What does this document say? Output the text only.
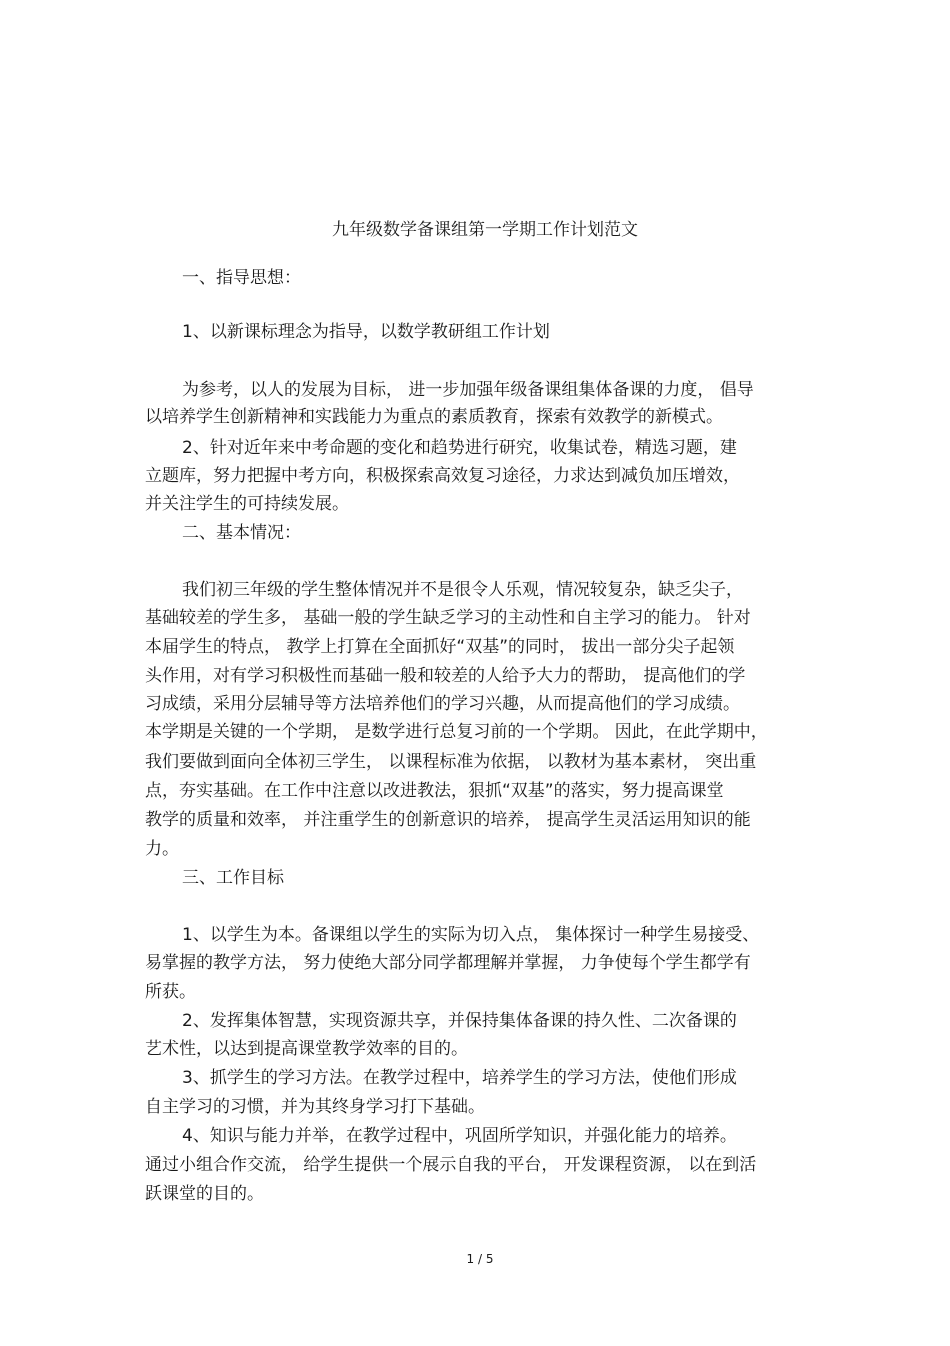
九年级数学备课组第一学期工作计划范文
一、指导思想：
1、以新课标理念为指导，以数学教研组工作计划
为参考，以人的发展为目标， 进一步加强年级备课组集体备课的力度， 倡导
以培养学生创新精神和实践能力为重点的素质教育，探索有效教学的新模式。
2、针对近年来中考命题的变化和趋势进行研究，收集试卷，精选习题，建
立题库，努力把握中考方向，积极探索高效复习途径，力求达到减负加压增效，
并关注学生的可持续发展。
二、基本情况：
我们初三年级的学生整体情况并不是很令人乐观，情况较复杂，缺乏尖子，
基础较差的学生多， 基础一般的学生缺乏学习的主动性和自主学习的能力。 针对
本届学生的特点， 教学上打算在全面抓好“双基”的同时， 拔出一部分尖子起领
头作用，对有学习积极性而基础一般和较差的人给予大力的帮助， 提高他们的学
习成绩，采用分层辅导等方法培养他们的学习兴趣，从而提高他们的学习成绩。
本学期是关键的一个学期， 是数学进行总复习前的一个学期。 因此，在此学期中，
我们要做到面向全体初三学生， 以课程标准为依据， 以教材为基本素材， 突出重
点，夯实基础。在工作中注意以改进教法，狠抓“双基”的落实，努力提高课堂
教学的质量和效率， 并注重学生的创新意识的培养， 提高学生灵活运用知识的能
力。
三、工作目标
1、以学生为本。备课组以学生的实际为切入点， 集体探讨一种学生易接受、
易掌握的教学方法， 努力使绝大部分同学都理解并掌握， 力争使每个学生都学有
所获。
2、发挥集体智慧，实现资源共享，并保持集体备课的持久性、二次备课的
艺术性，以达到提高课堂教学效率的目的。
3、抓学生的学习方法。在教学过程中，培养学生的学习方法，使他们形成
自主学习的习惯，并为其终身学习打下基础。
4、知识与能力并举，在教学过程中，巩固所学知识，并强化能力的培养。
通过小组合作交流， 给学生提供一个展示自我的平台， 开发课程资源， 以在到活
跃课堂的目的。
1 / 5
